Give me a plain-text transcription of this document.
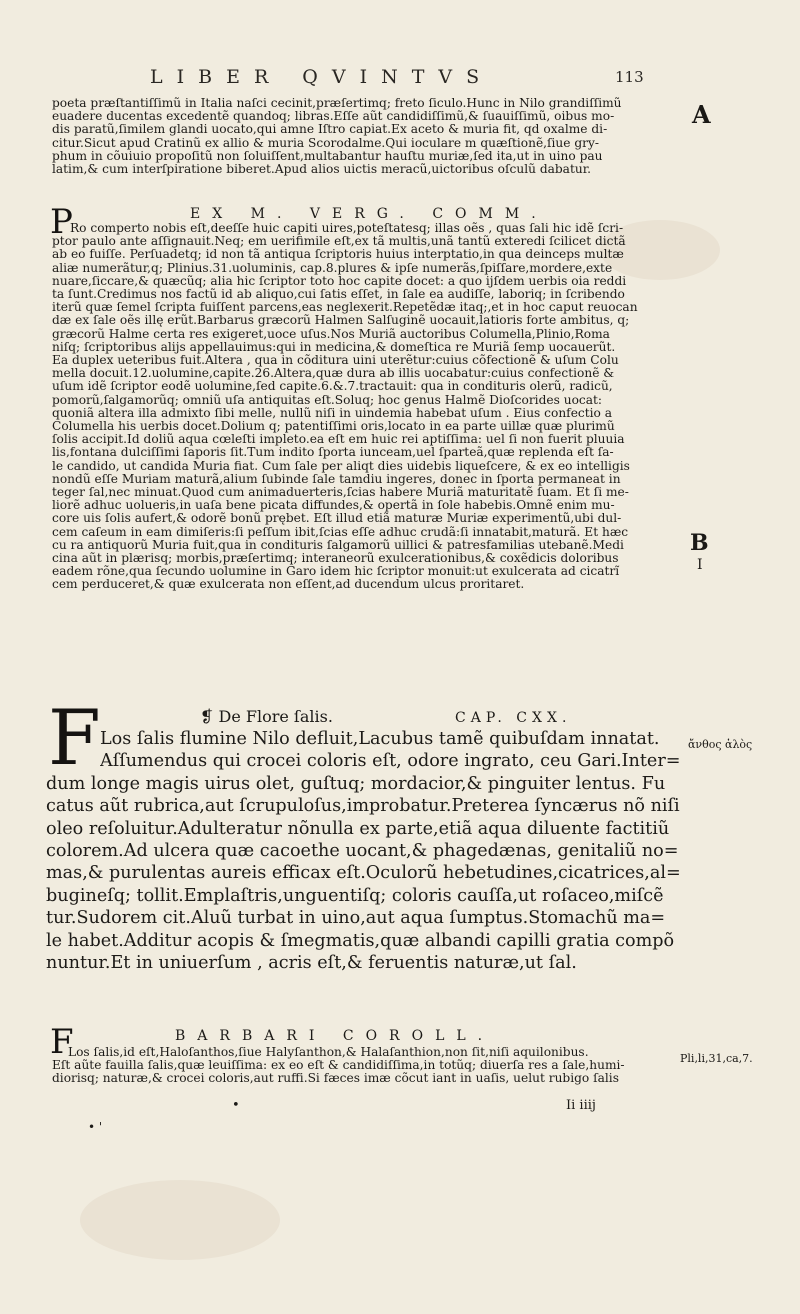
LIBER QVINTVS	113

poeta præſtantiſſimũ in Italia naſci cecinit,præſertimq; freto ſiculo.Hunc in Nilo grandiſſimũ

euadere ducentas excedentẽ quandoq; libras.Eſſe aũt candidiſſimũ,& ſuauiſſimũ, oibus mo-

dis paratũ,ſimilem glandi uocato,qui amne Iſtro capiat.Ex aceto & muria fit, qd oxalme di-

citur.Sicut apud Cratinũ ex allio & muria Scorodalme.Qui ioculare m quæſtionẽ,ſiue gry-

phum in cõuiuio propoſitũ non ſoluiſſent,multabantur hauſtu muriæ,ſed ita,ut in uino pau

latim,& cum interſpiratione biberet.Apud alios uictis meracũ,uictoribus oſculũ dabatur.

P	EX M. VERG. COMM.

Ro comperto nobis eſt,deeſſe huic capiti uires,poteſtatesq; illas oẽs , quas ſali hic idẽ ſcri-

ptor paulo ante aſſignauit.Neq; em uerifimile eſt,ex tã multis,unã tantũ exteredi ſcilicet dictã

ab eo fuiſſe. Perſuadetq; id non tã antiqua ſcriptoris huius interptatio,in qua deinceps multæ

aliæ numerãtur,q; Plinius.31.uoluminis, cap.8.plures & ipſe numerãs,ſpiſſare,mordere,exte

nuare,ſiccare,& quæcũq; alia hic ſcriptor toto hoc capite docet: a quo ijſdem uerbis oia reddi

ta ſunt.Credimus nos factũ id ab aliquo,cui ſatis eſſet, in ſale ea audiſſe, laboriq; in ſcribendo

iterũ quæ ſemel ſcripta fuiſſent parcens,eas neglexerit.Repetẽdæ itaq;,et in hoc caput reuocan

dæ ex ſale oẽs illę erũt.Barbarus græcorũ Halmen Salſuginẽ uocauit,latioris forte ambitus, q;

græcorũ Halme certa res exigeret,uoce uſus.Nos Muriã auctoribus Columella,Plinio,Roma

niſq; ſcriptoribus alijs appellauimus:qui in medicina,& domeſtica re Muriã ſemp uocauerũt.

Ea duplex ueteribus fuit.Altera , qua in cõditura uini uterẽtur:cuius cõfectionẽ & uſum Colu

mella docuit.12.uolumine,capite.26.Altera,quæ dura ab illis uocabatur:cuius confectionẽ &

uſum idẽ ſcriptor eodẽ uolumine,ſed capite.6.&.7.tractauit: qua in condituris olerũ, radicũ,

pomorũ,ſalgamorũq; omniũ uſa antiquitas eſt.Soluq; hoc genus Halmẽ Dioſcorides uocat:

quoniã altera illa admixto ſibi melle, nullũ niſi in uindemia habebat uſum . Eius confectio a

Columella his uerbis docet.Dolium q; patentiſſimi oris,locato in ea parte uillæ quæ plurimũ

ſolis accipit.Id doliũ aqua cœleſti impleto.ea eſt em huic rei aptiſſima: uel ſi non fuerit pluuia

lis,fontana dulciſſimi ſaporis ſit.Tum indito ſporta iunceam,uel ſparteã,quæ replenda eſt ſa-

le candido, ut candida Muria fiat. Cum ſale per aliqt dies uidebis liqueſcere, & ex eo intelligis

nondũ eſſe Muriam maturã,alium ſubinde ſale tamdiu ingeres, donec in ſporta permaneat in

teger ſal,nec minuat.Quod cum animaduerteris,ſcias habere Muriã maturitatẽ ſuam. Et ſi me-

liorẽ adhuc uolueris,in uaſa bene picata diffundes,& opertã in ſole habebis.Omnẽ enim mu-

core uis ſolis aufert,& odorẽ bonũ prębet. Eſt illud etiã maturæ Muriæ experimentũ,ubi dul-

cem caſeum in eam dimiſeris:ſi peſſum ibit,ſcias eſſe adhuc crudã:ſi innatabit,maturã. Et hæc

cu ra antiquorũ Muria fuit,qua in condituris ſalgamorũ uillici & patresfamilias utebanẽ.Medi

cina aũt in plærisq; morbis,præſertimq; interaneorũ exulcerationibus,& coxẽdicis doloribus

eadem rõne,qua ſecundo uolumine in Garo idem hic ſcriptor monuit:ut exulcerata ad cicatrĩ

cem perduceret,& quæ exulcerata non eſſent,ad ducendum ulcus proritaret.

F	❡ De Flore ſalis.	CAP. CXX.

Los ſalis flumine Nilo defluit,Lacubus tamẽ quibuſdam innatat.

Aſſumendus qui crocei coloris eſt, odore ingrato, ceu Gari.Inter=

dum longe magis uirus olet, guſtuq; mordacior,& pinguiter lentus. Fu

catus aũt rubrica,aut ſcrupuloſus,improbatur.Preterea ſyncærus nõ niſi

oleo reſoluitur.Adulteratur nõnulla ex parte,etiã aqua diluente factitiũ

colorem.Ad ulcera quæ cacoethe uocant,& phagedænas, genitaliũ no=

mas,& purulentas aureis efficax eſt.Oculorũ hebetudines,cicatrices,al=

bugineſq; tollit.Emplaſtris,unguentiſq; coloris cauſſa,ut roſaceo,miſcẽ

tur.Sudorem cit.Aluũ turbat in uino,aut aqua ſumptus.Stomachũ ma=

le habet.Additur acopis & ſmegmatis,quæ albandi capilli gratia compõ

nuntur.Et in uniuerſum , acris eſt,& feruentis naturæ,ut ſal.

F	BARBARI COROLL.

Los ſalis,id eſt,Haloſanthos,ſiue Halyſanthon,& Halaſanthion,non ſit,niſi aquilonibus.

Eſt aũte fauilla ſalis,quæ leuiſſima: ex eo eſt & candidiſſima,in totũq; diuerſa res a ſale,humi-

diorisq; naturæ,& crocei coloris,aut ruffi.Si fæces imæ cõcut iant in uaſis, uelut rubigo ſalis

Ii iiij
•
• '
A
B
I
ἄνθος ἁλὸς
Pli,li,31,ca,7.
